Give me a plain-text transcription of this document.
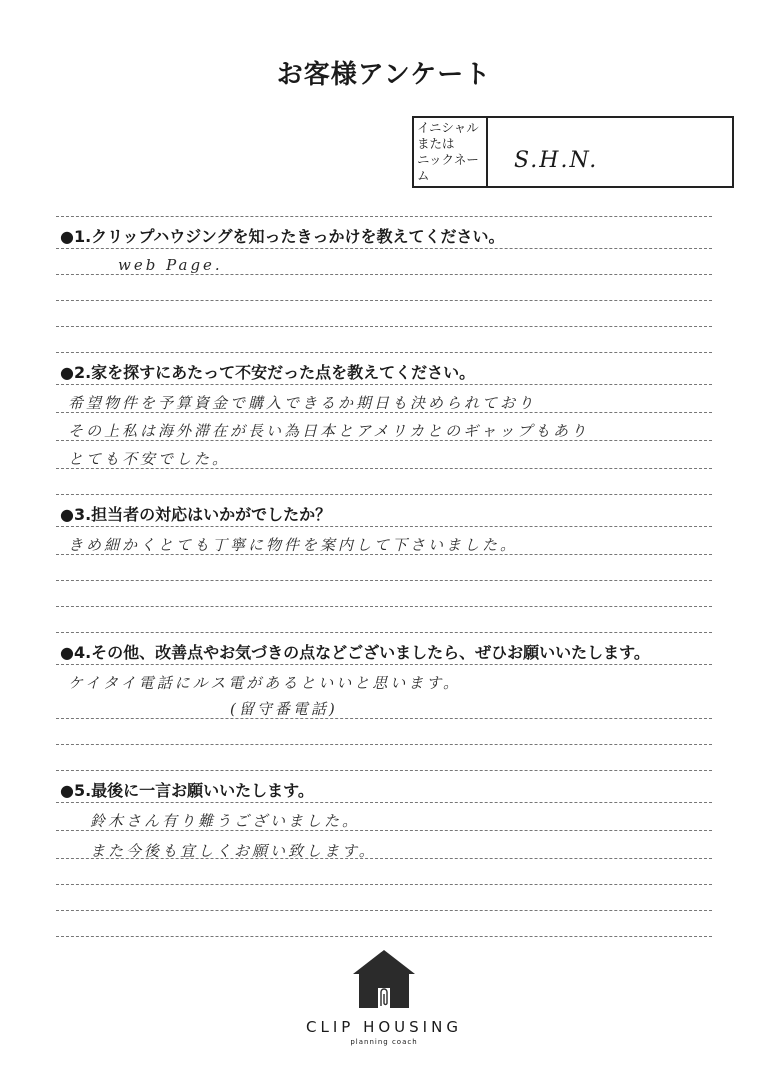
お客様アンケート
イニシャル
または
ニックネー
ム
S.H.N.
●1.クリップハウジングを知ったきっかけを教えてください。
web Page.
●2.家を探すにあたって不安だった点を教えてください。
希望物件を予算資金で購入できるか期日も決められており
その上私は海外滞在が長い為日本とアメリカとのギャップもあり
とても不安でした。
●3.担当者の対応はいかがでしたか？
きめ細かくとても丁寧に物件を案内して下さいました。
●4.その他、改善点やお気づきの点などございましたら、ぜひお願いいたします。
ケイタイ電話にルス電があるといいと思います。
(留守番電話)
●5.最後に一言お願いいたします。
鈴木さん有り難うございました。
また今後も宜しくお願い致します。
CLIP HOUSING
planning coach
